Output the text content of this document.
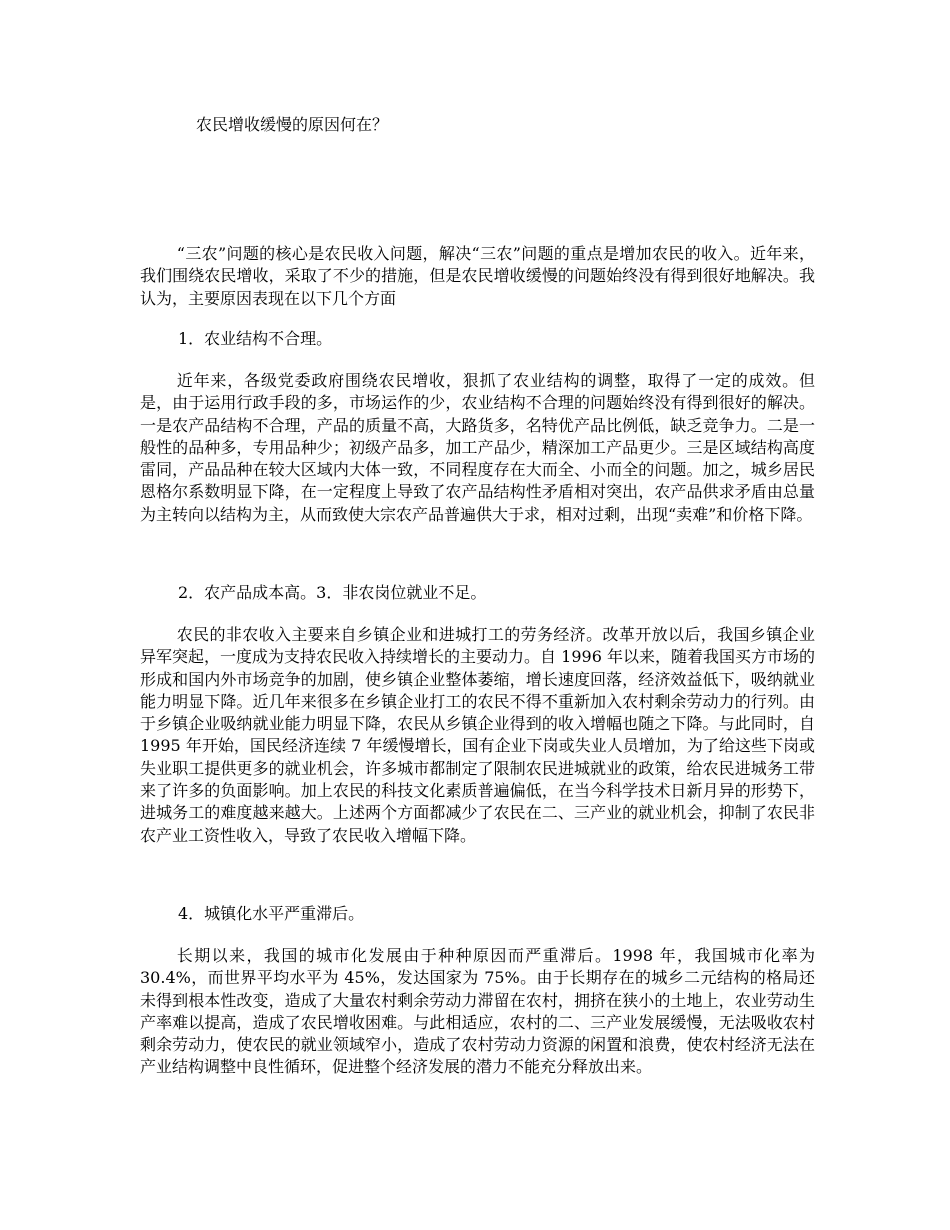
农民增收缓慢的原因何在？

“三农”问题的核心是农民收入问题，解决“三农”问题的重点是增加农民的收入。近年来，我们围绕农民增收，采取了不少的措施，但是农民增收缓慢的问题始终没有得到很好地解决。我认为，主要原因表现在以下几个方面

1．农业结构不合理。

近年来，各级党委政府围绕农民增收，狠抓了农业结构的调整，取得了一定的成效。但是，由于运用行政手段的多，市场运作的少，农业结构不合理的问题始终没有得到很好的解决。一是农产品结构不合理，产品的质量不高，大路货多，名特优产品比例低，缺乏竞争力。二是一般性的品种多，专用品种少；初级产品多，加工产品少，精深加工产品更少。三是区域结构高度雷同，产品品种在较大区域内大体一致，不同程度存在大而全、小而全的问题。加之，城乡居民恩格尔系数明显下降，在一定程度上导致了农产品结构性矛盾相对突出，农产品供求矛盾由总量为主转向以结构为主，从而致使大宗农产品普遍供大于求，相对过剩，出现“卖难”和价格下降。

2．农产品成本高。3．非农岗位就业不足。

农民的非农收入主要来自乡镇企业和进城打工的劳务经济。改革开放以后，我国乡镇企业异军突起，一度成为支持农民收入持续增长的主要动力。自 1996 年以来，随着我国买方市场的形成和国内外市场竞争的加剧，使乡镇企业整体萎缩，增长速度回落，经济效益低下，吸纳就业能力明显下降。近几年来很多在乡镇企业打工的农民不得不重新加入农村剩余劳动力的行列。由于乡镇企业吸纳就业能力明显下降，农民从乡镇企业得到的收入增幅也随之下降。与此同时，自 1995 年开始，国民经济连续 7 年缓慢增长，国有企业下岗或失业人员增加，为了给这些下岗或失业职工提供更多的就业机会，许多城市都制定了限制农民进城就业的政策，给农民进城务工带来了许多的负面影响。加上农民的科技文化素质普遍偏低，在当今科学技术日新月异的形势下，进城务工的难度越来越大。上述两个方面都减少了农民在二、三产业的就业机会，抑制了农民非农产业工资性收入，导致了农民收入增幅下降。

4．城镇化水平严重滞后。

长期以来，我国的城市化发展由于种种原因而严重滞后。1998 年，我国城市化率为 30.4%，而世界平均水平为 45%，发达国家为 75%。由于长期存在的城乡二元结构的格局还未得到根本性改变，造成了大量农村剩余劳动力滞留在农村，拥挤在狭小的土地上，农业劳动生产率难以提高，造成了农民增收困难。与此相适应，农村的二、三产业发展缓慢，无法吸收农村剩余劳动力，使农民的就业领域窄小，造成了农村劳动力资源的闲置和浪费，使农村经济无法在产业结构调整中良性循环，促进整个经济发展的潜力不能充分释放出来。
